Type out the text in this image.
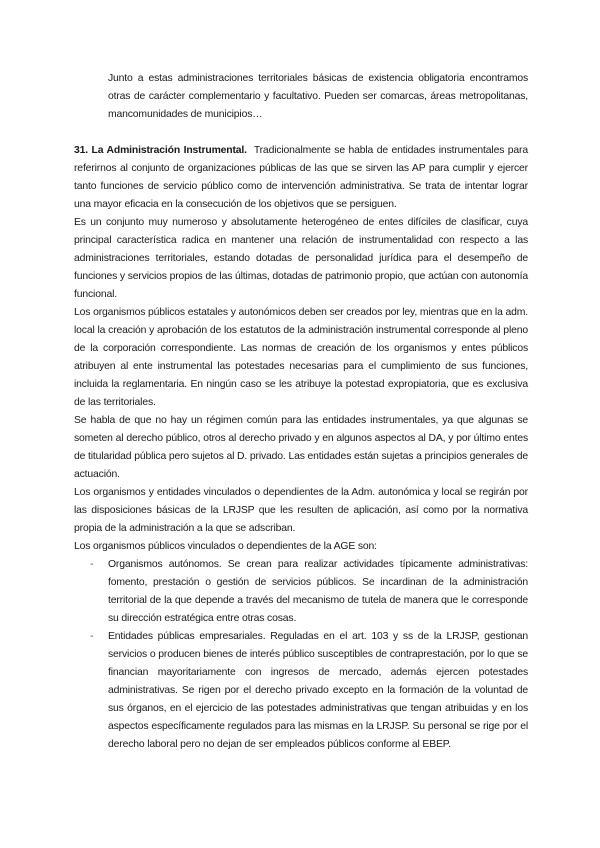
Junto a estas administraciones territoriales básicas de existencia obligatoria encontramos otras de carácter complementario y facultativo. Pueden ser comarcas, áreas metropolitanas, mancomunidades de municipios…

31. La Administración Instrumental. Tradicionalmente se habla de entidades instrumentales para referirnos al conjunto de organizaciones públicas de las que se sirven las AP para cumplir y ejercer tanto funciones de servicio público como de intervención administrativa. Se trata de intentar lograr una mayor eficacia en la consecución de los objetivos que se persiguen.

Es un conjunto muy numeroso y absolutamente heterogéneo de entes difíciles de clasificar, cuya principal característica radica en mantener una relación de instrumentalidad con respecto a las administraciones territoriales, estando dotadas de personalidad jurídica para el desempeño de funciones y servicios propios de las últimas, dotadas de patrimonio propio, que actúan con autonomía funcional.

Los organismos públicos estatales y autonómicos deben ser creados por ley, mientras que en la adm. local la creación y aprobación de los estatutos de la administración instrumental corresponde al pleno de la corporación correspondiente. Las normas de creación de los organismos y entes públicos atribuyen al ente instrumental las potestades necesarias para el cumplimiento de sus funciones, incluida la reglamentaria. En ningún caso se les atribuye la potestad expropiatoria, que es exclusiva de las territoriales.

Se habla de que no hay un régimen común para las entidades instrumentales, ya que algunas se someten al derecho público, otros al derecho privado y en algunos aspectos al DA, y por último entes de titularidad pública pero sujetos al D. privado. Las entidades están sujetas a principios generales de actuación.

Los organismos y entidades vinculados o dependientes de la Adm. autonómica y local se regirán por las disposiciones básicas de la LRJSP que les resulten de aplicación, así como por la normativa propia de la administración a la que se adscriban.

Los organismos públicos vinculados o dependientes de la AGE son:

- Organismos autónomos. Se crean para realizar actividades típicamente administrativas: fomento, prestación o gestión de servicios públicos. Se incardinan de la administración territorial de la que depende a través del mecanismo de tutela de manera que le corresponde su dirección estratégica entre otras cosas.
- Entidades públicas empresariales. Reguladas en el art. 103 y ss de la LRJSP, gestionan servicios o producen bienes de interés público susceptibles de contraprestación, por lo que se financian mayoritariamente con ingresos de mercado, además ejercen potestades administrativas. Se rigen por el derecho privado excepto en la formación de la voluntad de sus órganos, en el ejercicio de las potestades administrativas que tengan atribuidas y en los aspectos específicamente regulados para las mismas en la LRJSP. Su personal se rige por el derecho laboral pero no dejan de ser empleados públicos conforme al EBEP.
